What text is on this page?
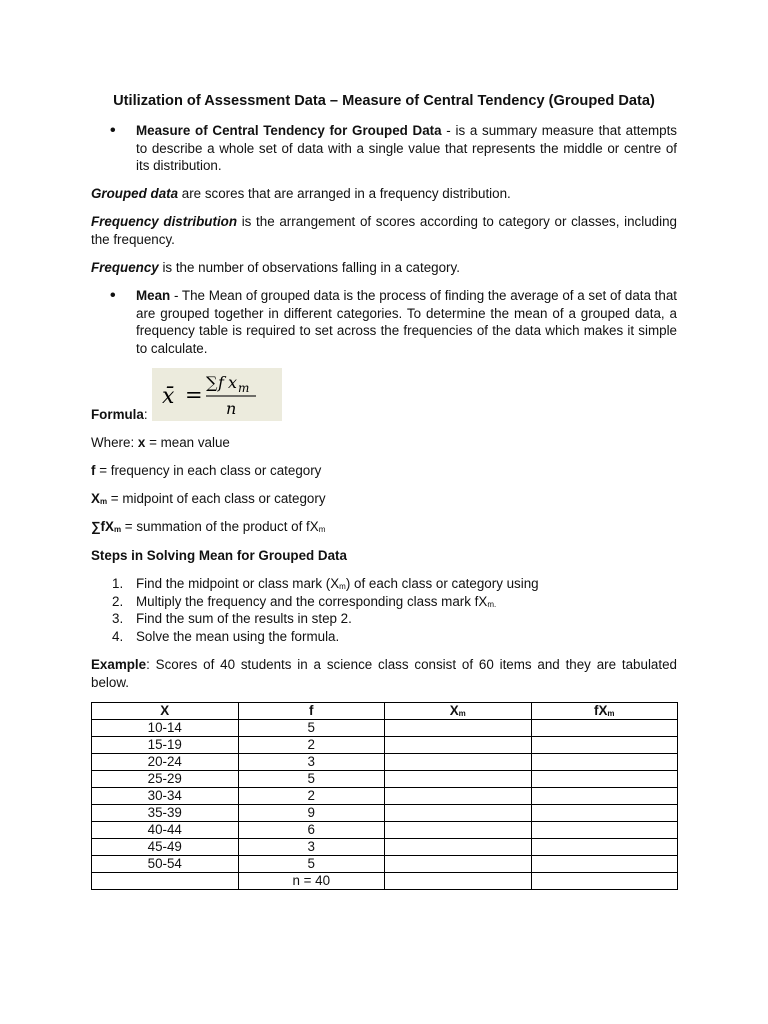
Utilization of Assessment Data – Measure of Central Tendency (Grouped Data)
• Measure of Central Tendency for Grouped Data - is a summary measure that attempts to describe a whole set of data with a single value that represents the middle or centre of its distribution.

Grouped data are scores that are arranged in a frequency distribution.

Frequency distribution is the arrangement of scores according to category or classes, including the frequency.

Frequency is the number of observations falling in a category.

• Mean - The Mean of grouped data is the process of finding the average of a set of data that are grouped together in different categories. To determine the mean of a grouped data, a frequency table is required to set across the frequencies of the data which makes it simple to calculate.

x̄ =
∑ f x m
n

Formula:

Where: x = mean value

f = frequency in each class or category

$X_m$ = midpoint of each class or category

$\sum fX_m$ = summation of the product of $fX_m$

Steps in Solving Mean for Grouped Data

1. Find the midpoint or class mark $(X_m)$ of each class or category using
2. Multiply the frequency and the corresponding class mark $fX_{m.}$
3. Find the sum of the results in step 2.
4. Solve the mean using the formula.

Example: Scores of 40 students in a science class consist of 60 items and they are tabulated below.

X	f	$X_m$	$fX_m$
10-14	5		
15-19	2		
20-24	3		
25-29	5		
30-34	2		
35-39	9		
40-44	6		
45-49	3		
50-54	5		
	n = 40		
